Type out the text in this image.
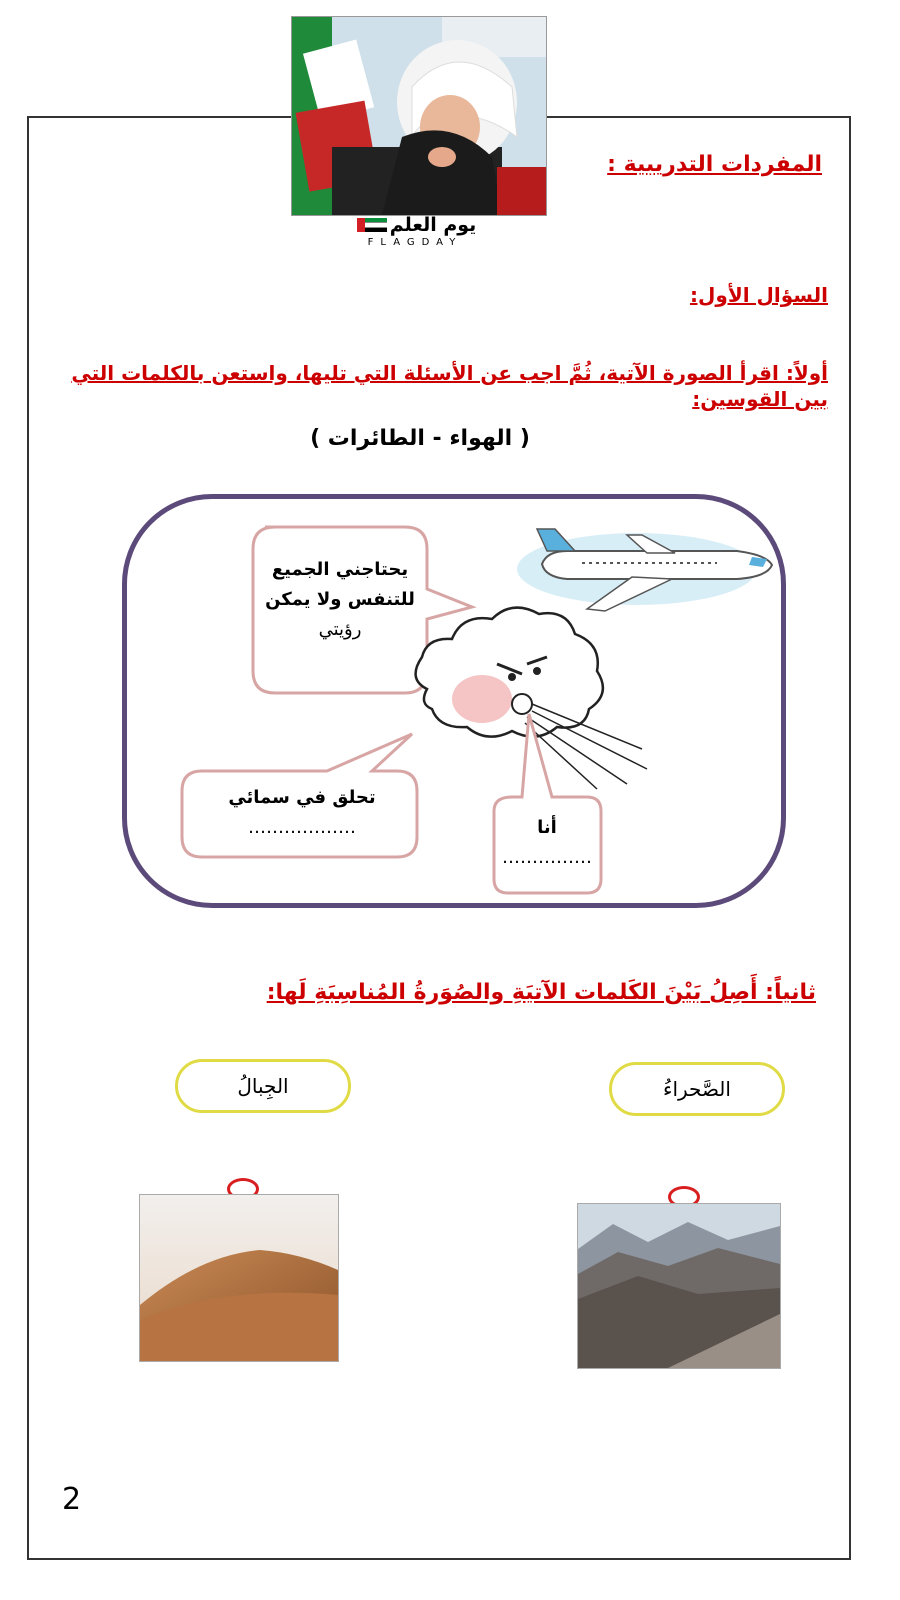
يوم العلم
FLAGDAY
المفردات التدريبية :
السؤال الأول:
أولاً: اقرأ الصورة الآتية، ثُمَّ اجب عن الأسئلة التي تليها، واستعن بالكلمات التي بين القوسين:
( الهواء - الطائرات )
يحتاجني الجميع
للتنفس ولا يمكن
رؤيتي
تحلق في سمائي
………………	أنا
……………
ثانياً: أَصِلُ بَيْنَ الكَلمات الآتيَةِ والصُوَرةُ المُناسِبَةِ لَها:
الجِبالُ	الصَّحراءُ
2
